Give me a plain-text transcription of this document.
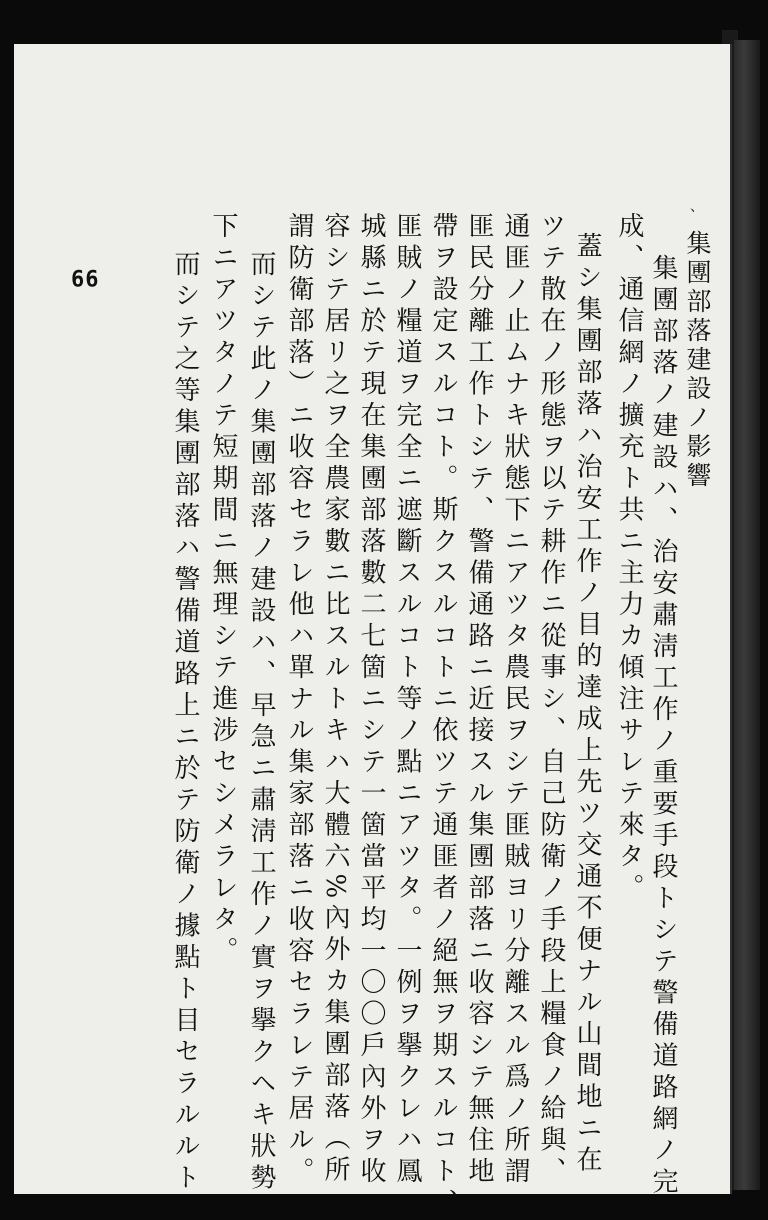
、
99	集圑部落建設ノ影響
集圑部落ノ建設ハ、治安肅淸工作ノ重要手段トシテ警備道路網ノ完
成、通信網ノ擴充ト共ニ主力カ傾注サレテ來タ。
蓋シ集圑部落ハ治安工作ノ目的達成上先ツ交通不便ナル山間地ニ在
ツテ散在ノ形態ヲ以テ耕作ニ從事シ、自己防衛ノ手段上糧食ノ給與、
通匪ノ止ムナキ狀態下ニアツタ農民ヲシテ匪賊ヨリ分離スル爲ノ所謂
匪民分離工作トシテ、警備通路ニ近接スル集圑部落ニ收容シテ無住地
帶ヲ設定スルコト。斯クスルコトニ依ツテ通匪者ノ絕無ヲ期スルコト、
匪賊ノ糧道ヲ完全ニ遮斷スルコト等ノ點ニアツタ。一例ヲ擧クレハ鳳
城縣ニ於テ現在集圑部落數二七箇ニシテ一箇當平均一〇〇戶內外ヲ收
容シテ居リ之ヲ全農家數ニ比スルトキハ大體六%內外カ集圑部落（所
謂防衛部落）ニ收容セラレ他ハ單ナル集家部落ニ收容セラレテ居ル。
而シテ此ノ集圑部落ノ建設ハ、早急ニ肅淸工作ノ實ヲ擧クヘキ狀勢
下ニアツタノテ短期間ニ無理シテ進涉セシメラレタ。
而シテ之等集圑部落ハ警備道路上ニ於テ防衛ノ據點ト目セラルルト
